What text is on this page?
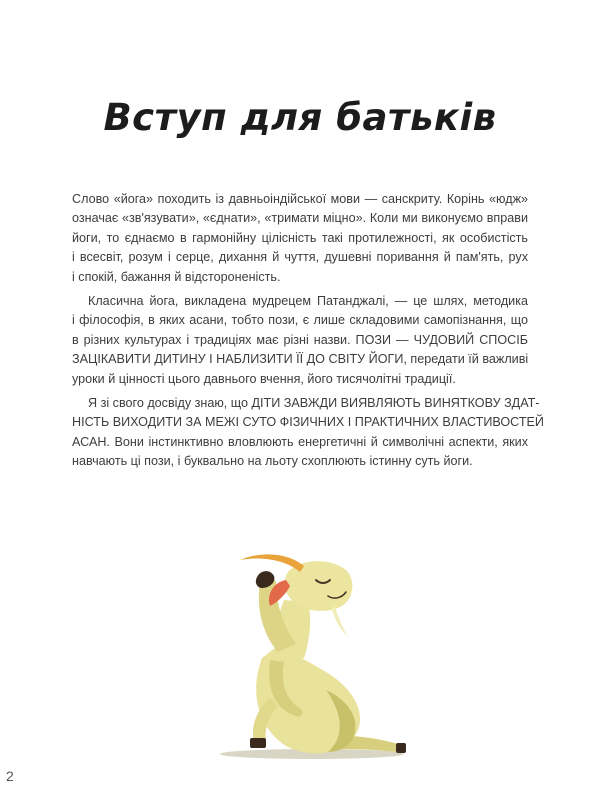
Вступ для батьків

Слово «йога» походить із давньоіндійської мови — санскриту. Корінь «юдж»
означає «зв'язувати», «єднати», «тримати міцно». Коли ми виконуємо вправи
йоги, то єднаємо в гармонійну цілісність такі протилежності, як особистість
і всесвіт, розум і серце, дихання й чуття, душевні поривання й пам'ять, рух
і спокій, бажання й відстороненість.

Класична йога, викладена мудрецем Патанджалі, — це шлях, методика
і філософія, в яких асани, тобто пози, є лише складовими самопізнання, що
в різних культурах і традиціях має різні назви. ПОЗИ — ЧУДОВИЙ СПОСІБ
ЗАЦІКАВИТИ ДИТИНУ І НАБЛИЗИТИ ЇЇ ДО СВІТУ ЙОГИ, передати їй важливі
уроки й цінності цього давнього вчення, його тисячолітні традиції.

Я зі свого досвіду знаю, що ДІТИ ЗАВЖДИ ВИЯВЛЯЮТЬ ВИНЯТКОВУ ЗДАТ-
НІСТЬ ВИХОДИТИ ЗА МЕЖІ СУТО ФІЗИЧНИХ І ПРАКТИЧНИХ ВЛАСТИВОСТЕЙ
АСАН. Вони інстинктивно вловлюють енергетичні й символічні аспекти, яких
навчають ці пози, і буквально на льоту схоплюють істинну суть йоги.

2
